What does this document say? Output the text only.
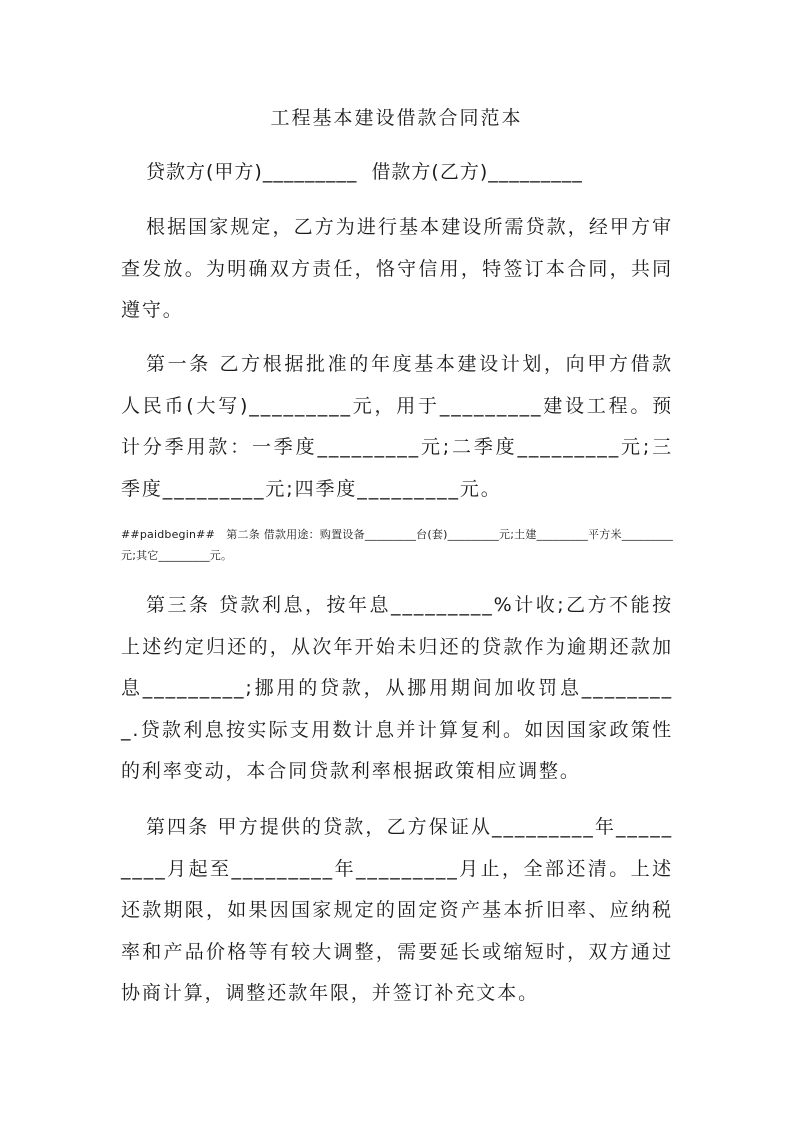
工程基本建设借款合同范本

贷款方(甲方)_________  借款方(乙方)_________

根据国家规定，乙方为进行基本建设所需贷款，经甲方审查发放。为明确双方责任，恪守信用，特签订本合同，共同遵守。

第一条 乙方根据批准的年度基本建设计划，向甲方借款人民币(大写)_________元，用于_________建设工程。预计分季用款：一季度_________元;二季度_________元;三季度_________元;四季度_________元。

##paidbegin##　第二条 借款用途：购置设备_________台(套)_________元;土建_________平方米_________元;其它_________元。

第三条 贷款利息，按年息_________%计收;乙方不能按上述约定归还的，从次年开始未归还的贷款作为逾期还款加息_________;挪用的贷款，从挪用期间加收罚息_________.贷款利息按实际支用数计息并计算复利。如因国家政策性的利率变动，本合同贷款利率根据政策相应调整。

第四条 甲方提供的贷款，乙方保证从_________年_________月起至_________年_________月止，全部还清。上述还款期限，如果因国家规定的固定资产基本折旧率、应纳税率和产品价格等有较大调整，需要延长或缩短时，双方通过协商计算，调整还款年限，并签订补充文本。
